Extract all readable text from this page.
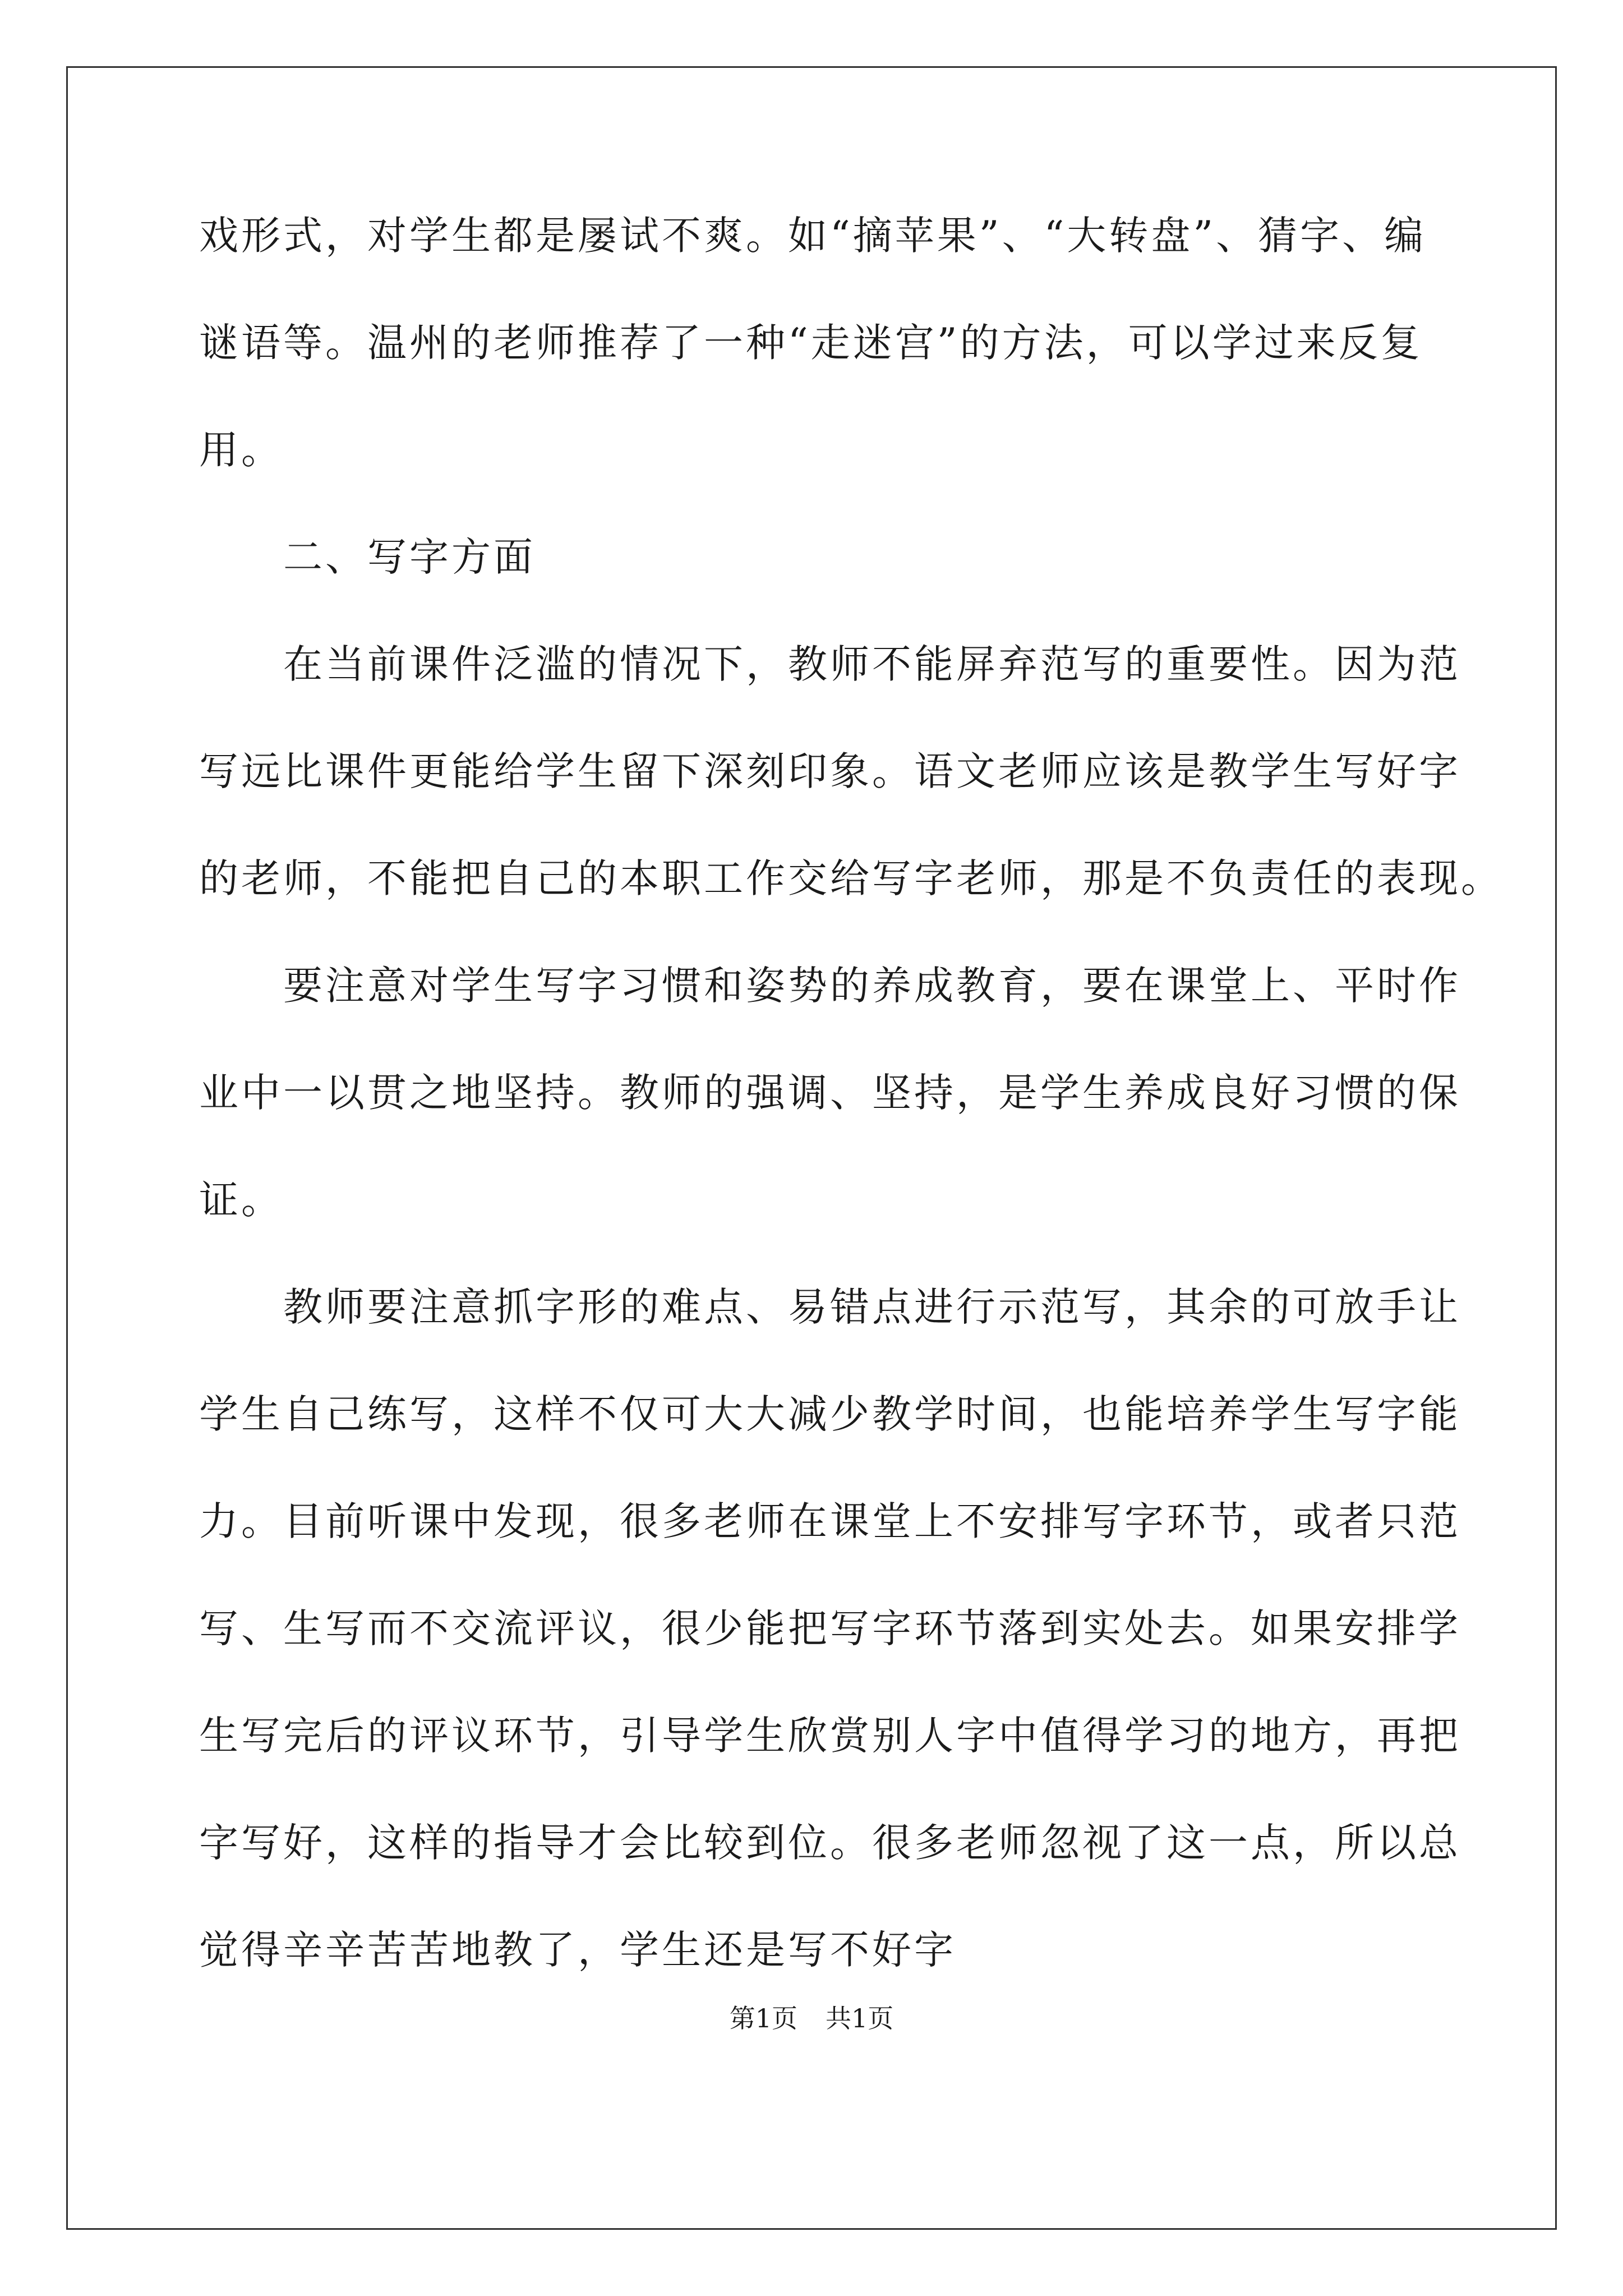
戏形式，对学生都是屡试不爽。如“摘苹果”、“大转盘”、猜字、编
谜语等。温州的老师推荐了一种“走迷宫”的方法，可以学过来反复
用。
　　二、写字方面
　　在当前课件泛滥的情况下，教师不能屏弃范写的重要性。因为范
写远比课件更能给学生留下深刻印象。语文老师应该是教学生写好字
的老师，不能把自己的本职工作交给写字老师，那是不负责任的表现。
　　要注意对学生写字习惯和姿势的养成教育，要在课堂上、平时作
业中一以贯之地坚持。教师的强调、坚持，是学生养成良好习惯的保
证。
　　教师要注意抓字形的难点、易错点进行示范写，其余的可放手让
学生自己练写，这样不仅可大大减少教学时间，也能培养学生写字能
力。目前听课中发现，很多老师在课堂上不安排写字环节，或者只范
写、生写而不交流评议，很少能把写字环节落到实处去。如果安排学
生写完后的评议环节，引导学生欣赏别人字中值得学习的地方，再把
字写好，这样的指导才会比较到位。很多老师忽视了这一点，所以总
觉得辛辛苦苦地教了，学生还是写不好字
第1页 共1页
